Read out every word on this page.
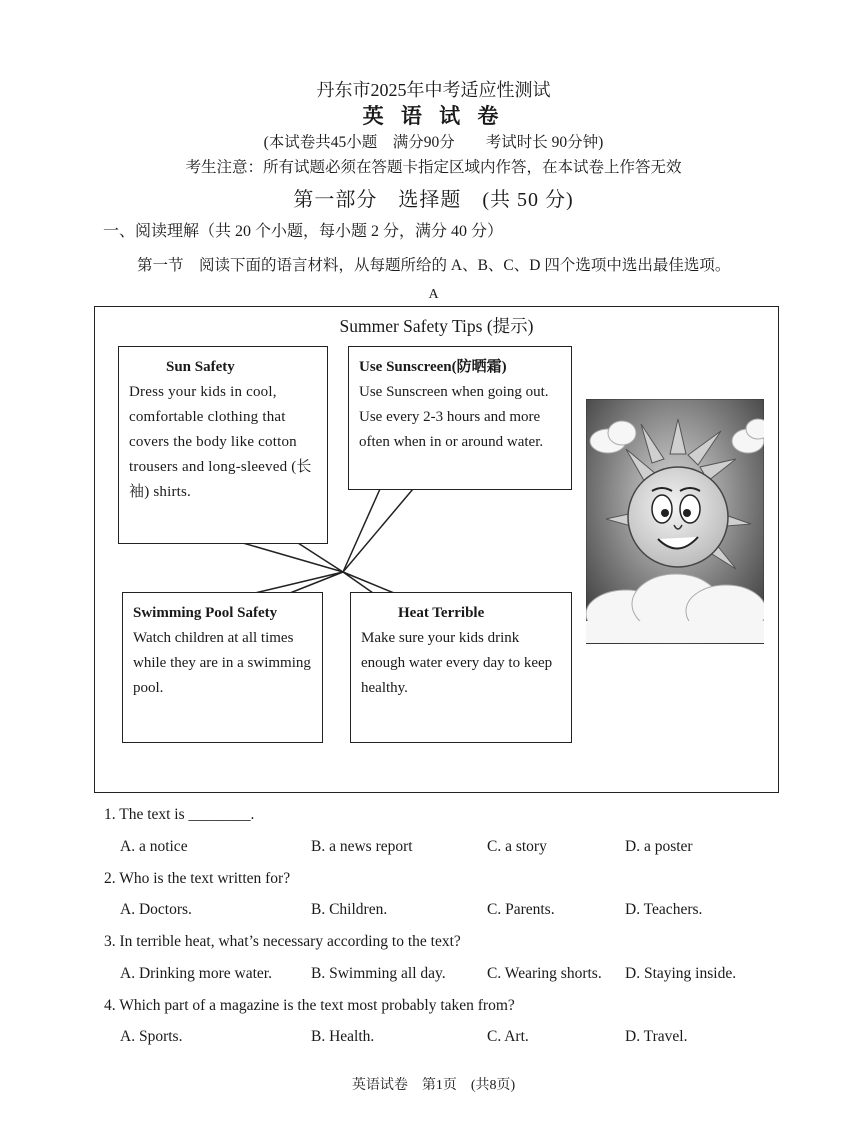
丹东市2025年中考适应性测试
英 语 试 卷
(本试卷共45小题　满分90分　　考试时长 90分钟)
考生注意：所有试题必须在答题卡指定区域内作答，在本试卷上作答无效
第一部分　选择题　(共 50 分)
一、阅读理解（共 20 个小题，每小题 2 分，满分 40 分）
第一节　阅读下面的语言材料，从每题所给的 A、B、C、D 四个选项中选出最佳选项。
A
Summer Safety Tips (提示)
Sun Safety
Dress your kids in cool, comfortable clothing that covers the body like cotton trousers and long-sleeved (长袖) shirts.
Use Sunscreen(防晒霜)
Use Sunscreen when going out. Use every 2-3 hours and more often when in or around water.
Swimming Pool Safety
Watch children at all times while they are in a swimming pool.
Heat Terrible
Make sure your kids drink enough water every day to keep healthy.
1. The text is ________.
A. a notice	B. a news report	C. a story	D. a poster
2. Who is the text written for?
A. Doctors.	B. Children.	C. Parents.	D. Teachers.
3. In terrible heat, what’s necessary according to the text?
A. Drinking more water.	B. Swimming all day.	C. Wearing shorts. D. Staying inside.
4. Which part of a magazine is the text most probably taken from?
A. Sports.	B. Health.	C. Art.	D. Travel.
英语试卷　第1页　(共8页)
